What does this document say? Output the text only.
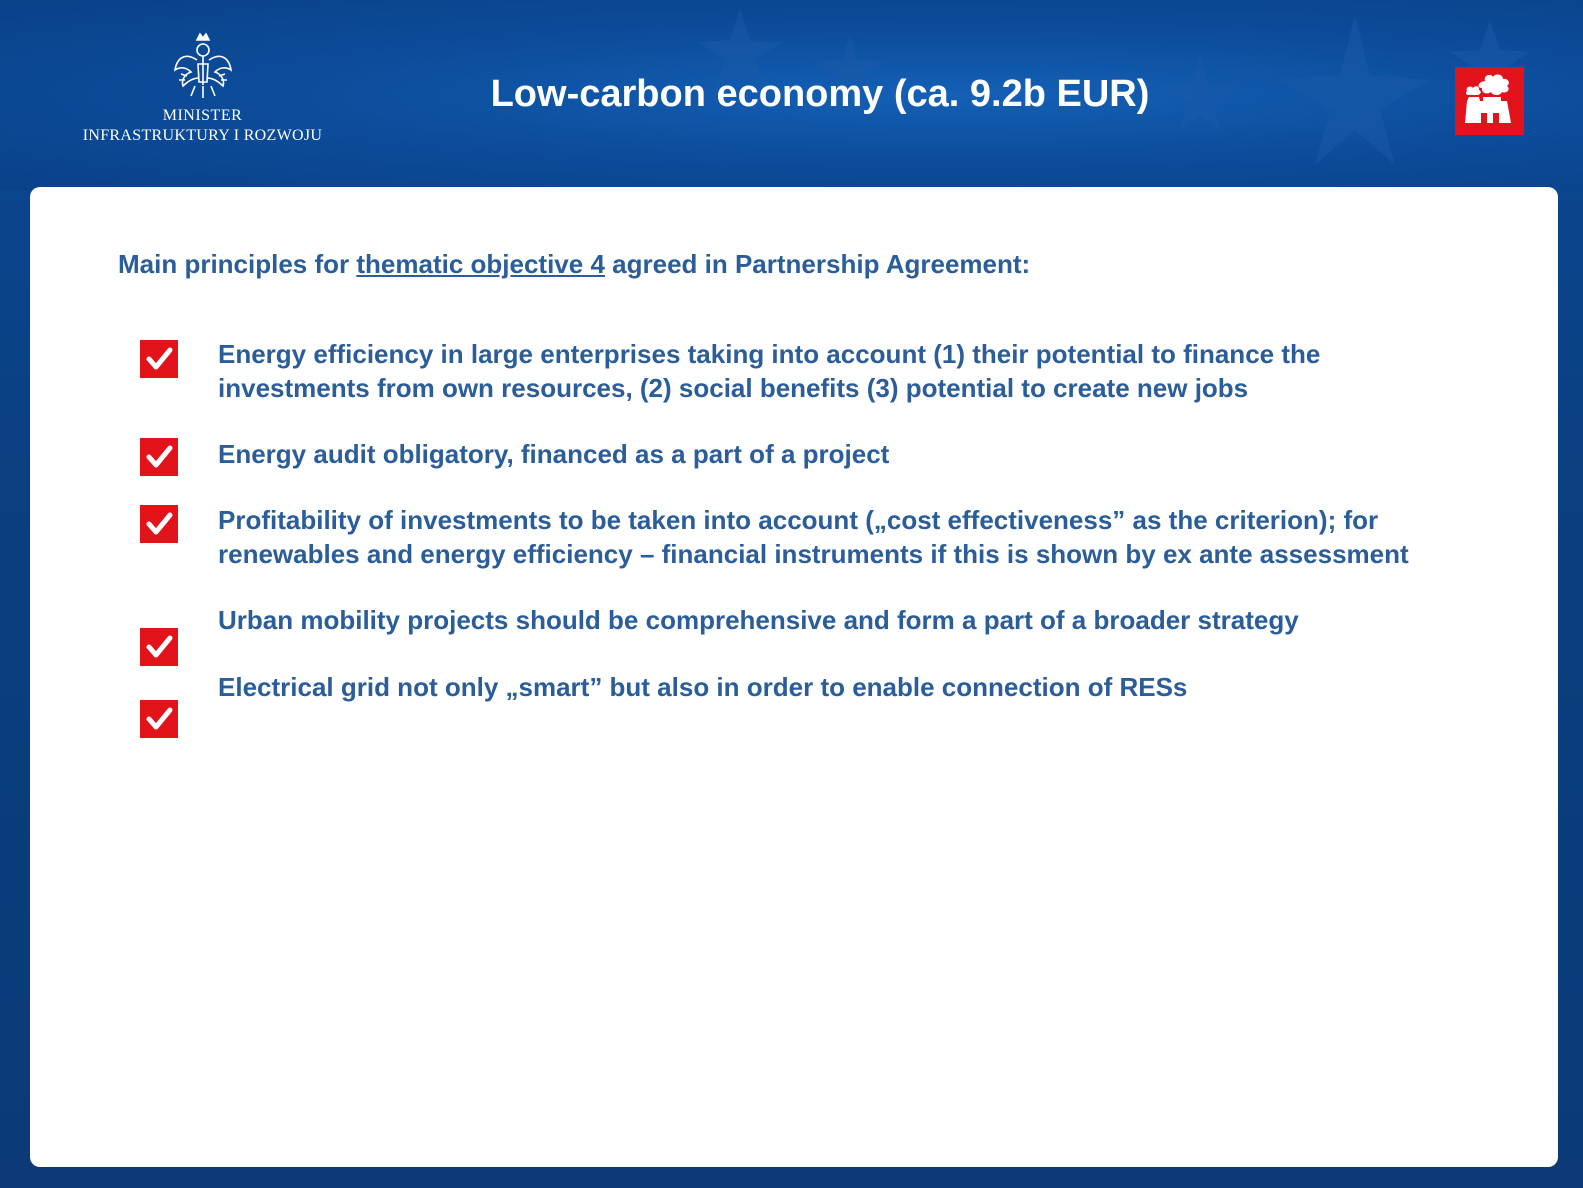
MINISTER
INFRASTRUKTURY I ROZWOJU
Low-carbon economy (ca. 9.2b EUR)
Main principles for thematic objective 4 agreed in Partnership Agreement:
Energy efficiency in large enterprises taking into account (1) their potential to finance the
investments from own resources, (2) social benefits (3) potential to create new jobs
Energy audit obligatory, financed as a part of a project
Profitability of investments to be taken into account („cost effectiveness” as the criterion); for
renewables and energy efficiency – financial instruments if this is shown by ex ante assessment
Urban mobility projects should be comprehensive and form a part of a broader strategy
Electrical grid not only „smart” but also in order to enable connection of RESs
